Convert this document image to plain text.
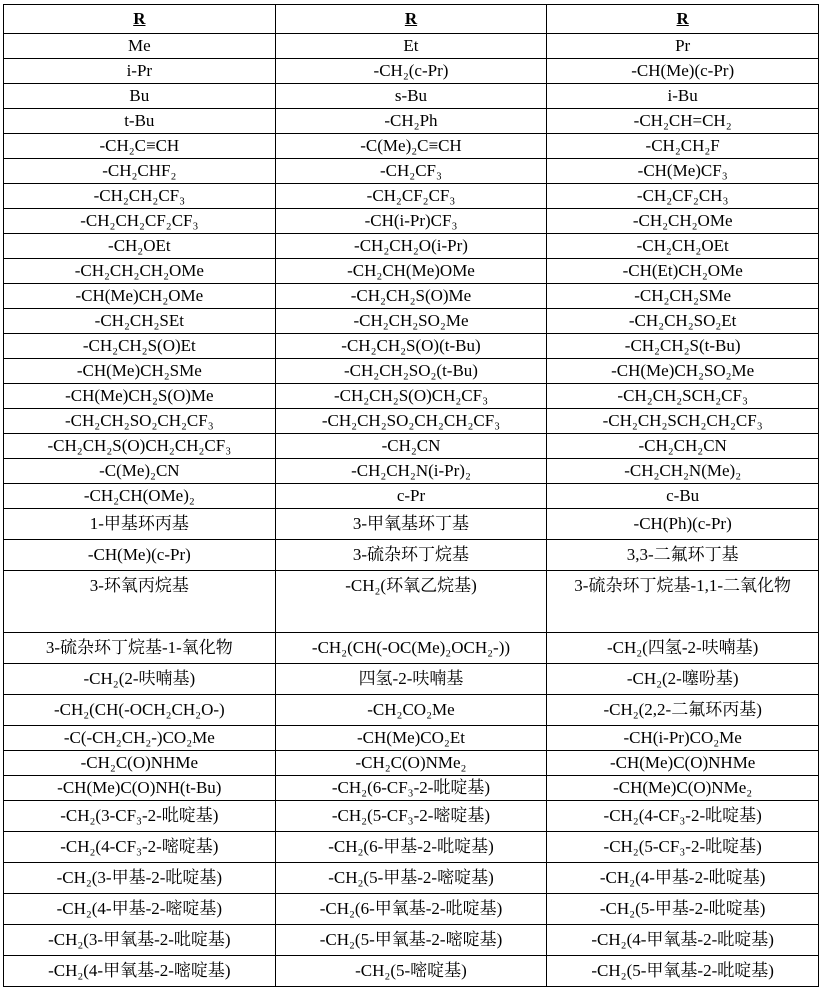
R	R	R
Me	Et	Pr
i-Pr	-CH₂(c-Pr)	-CH(Me)(c-Pr)
Bu	s-Bu	i-Bu
t-Bu	-CH₂Ph	-CH₂CH=CH₂
-CH₂C≡CH	-C(Me)₂C≡CH	-CH₂CH₂F
-CH₂CHF₂	-CH₂CF₃	-CH(Me)CF₃
-CH₂CH₂CF₃	-CH₂CF₂CF₃	-CH₂CF₂CH₃
-CH₂CH₂CF₂CF₃	-CH(i-Pr)CF₃	-CH₂CH₂OMe
-CH₂OEt	-CH₂CH₂O(i-Pr)	-CH₂CH₂OEt
-CH₂CH₂CH₂OMe	-CH₂CH(Me)OMe	-CH(Et)CH₂OMe
-CH(Me)CH₂OMe	-CH₂CH₂S(O)Me	-CH₂CH₂SMe
-CH₂CH₂SEt	-CH₂CH₂SO₂Me	-CH₂CH₂SO₂Et
-CH₂CH₂S(O)Et	-CH₂CH₂S(O)(t-Bu)	-CH₂CH₂S(t-Bu)
-CH(Me)CH₂SMe	-CH₂CH₂SO₂(t-Bu)	-CH(Me)CH₂SO₂Me
-CH(Me)CH₂S(O)Me	-CH₂CH₂S(O)CH₂CF₃	-CH₂CH₂SCH₂CF₃
-CH₂CH₂SO₂CH₂CF₃	-CH₂CH₂SO₂CH₂CH₂CF₃	-CH₂CH₂SCH₂CH₂CF₃
-CH₂CH₂S(O)CH₂CH₂CF₃	-CH₂CN	-CH₂CH₂CN
-C(Me)₂CN	-CH₂CH₂N(i-Pr)₂	-CH₂CH₂N(Me)₂
-CH₂CH(OMe)₂	c-Pr	c-Bu
1-甲基环丙基	3-甲氧基环丁基	-CH(Ph)(c-Pr)
-CH(Me)(c-Pr)	3-硫杂环丁烷基	3,3-二氟环丁基
3-环氧丙烷基	-CH₂(环氧乙烷基)	3-硫杂环丁烷基-1,1-二氧化物
3-硫杂环丁烷基-1-氧化物	-CH₂(CH(-OC(Me)₂OCH₂-))	-CH₂(四氢-2-呋喃基)
-CH₂(2-呋喃基)	四氢-2-呋喃基	-CH₂(2-噻吩基)
-CH₂(CH(-OCH₂CH₂O-)	-CH₂CO₂Me	-CH₂(2,2-二氟环丙基)
-C(-CH₂CH₂-)CO₂Me	-CH(Me)CO₂Et	-CH(i-Pr)CO₂Me
-CH₂C(O)NHMe	-CH₂C(O)NMe₂	-CH(Me)C(O)NHMe
-CH(Me)C(O)NH(t-Bu)	-CH₂(6-CF₃-2-吡啶基)	-CH(Me)C(O)NMe₂
-CH₂(3-CF₃-2-吡啶基)	-CH₂(5-CF₃-2-嘧啶基)	-CH₂(4-CF₃-2-吡啶基)
-CH₂(4-CF₃-2-嘧啶基)	-CH₂(6-甲基-2-吡啶基)	-CH₂(5-CF₃-2-吡啶基)
-CH₂(3-甲基-2-吡啶基)	-CH₂(5-甲基-2-嘧啶基)	-CH₂(4-甲基-2-吡啶基)
-CH₂(4-甲基-2-嘧啶基)	-CH₂(6-甲氧基-2-吡啶基)	-CH₂(5-甲基-2-吡啶基)
-CH₂(3-甲氧基-2-吡啶基)	-CH₂(5-甲氧基-2-嘧啶基)	-CH₂(4-甲氧基-2-吡啶基)
-CH₂(4-甲氧基-2-嘧啶基)	-CH₂(5-嘧啶基)	-CH₂(5-甲氧基-2-吡啶基)
